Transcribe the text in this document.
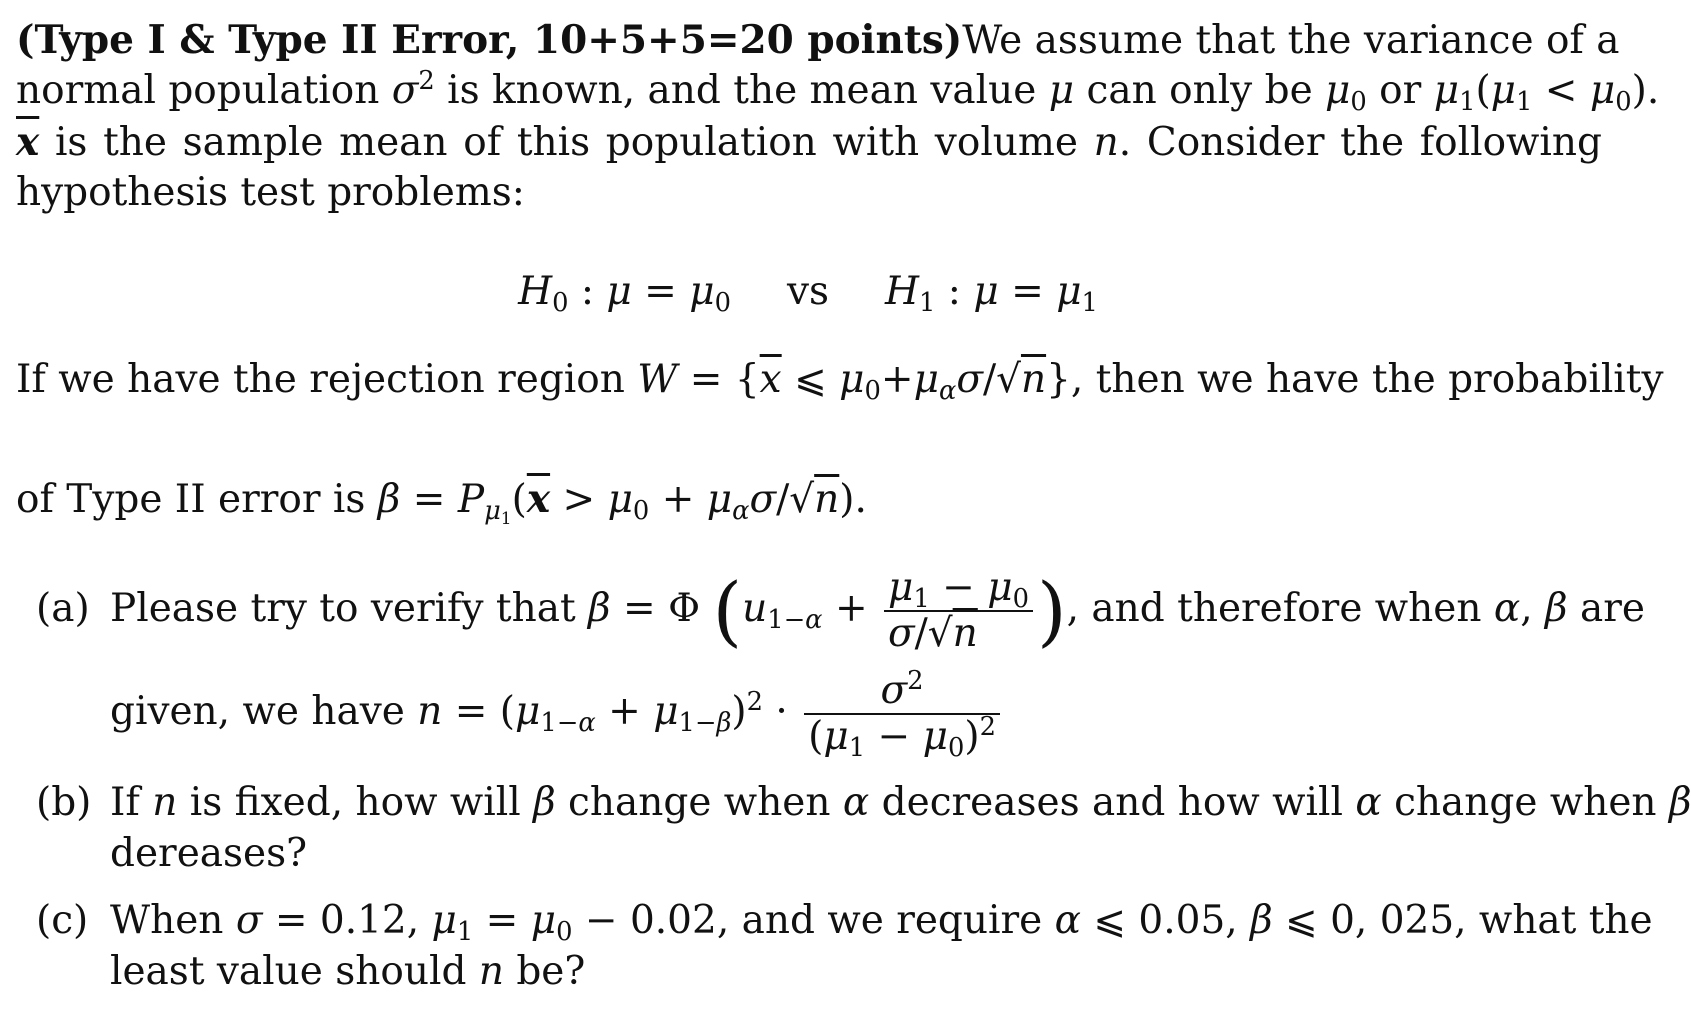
(Type I & Type II Error, 10+5+5=20 points)We assume that the variance of a
normal population $\sigma^2$ is known, and the mean value μ can only be $\mu_0$ or $\mu_1(\mu_1 < \mu_0)$.
$\overline{x}$ is the sample mean of this population with volume n. Consider the following
hypothesis test problems:
$H_0$ : $\mu = \mu_0$ vs $H_1$ : $\mu = \mu_1$
If we have the rejection region $W = \{\overline{x}$ ⩽ $\mu_0+\mu_\alpha\sigma/√n$}, then we have the probability
of Type II error is $\beta = P_{\mu_1}(\overline{x} > \mu_0 + \mu_\alpha\sigma/√n)$.
(a) Please try to verify that β = Φ ($u_{1-\alpha} + \frac{\mu_1 - \mu_0}{\sigma/√n}$ ), and therefore when α, β are
given, we have $n = (\mu_{1-\alpha} + \mu_{1-\beta})^2 \cdot \frac{\sigma^2}{(\mu_1 - \mu_0)^2}$
(b) If n is fixed, how will β change when α decreases and how will α change when β
dereases?
(c) When σ = 0.12, $\mu_1 = \mu_0 - 0.02$, and we require α ⩽ 0.05, β ⩽ 0, 025, what the
least value should n be?
